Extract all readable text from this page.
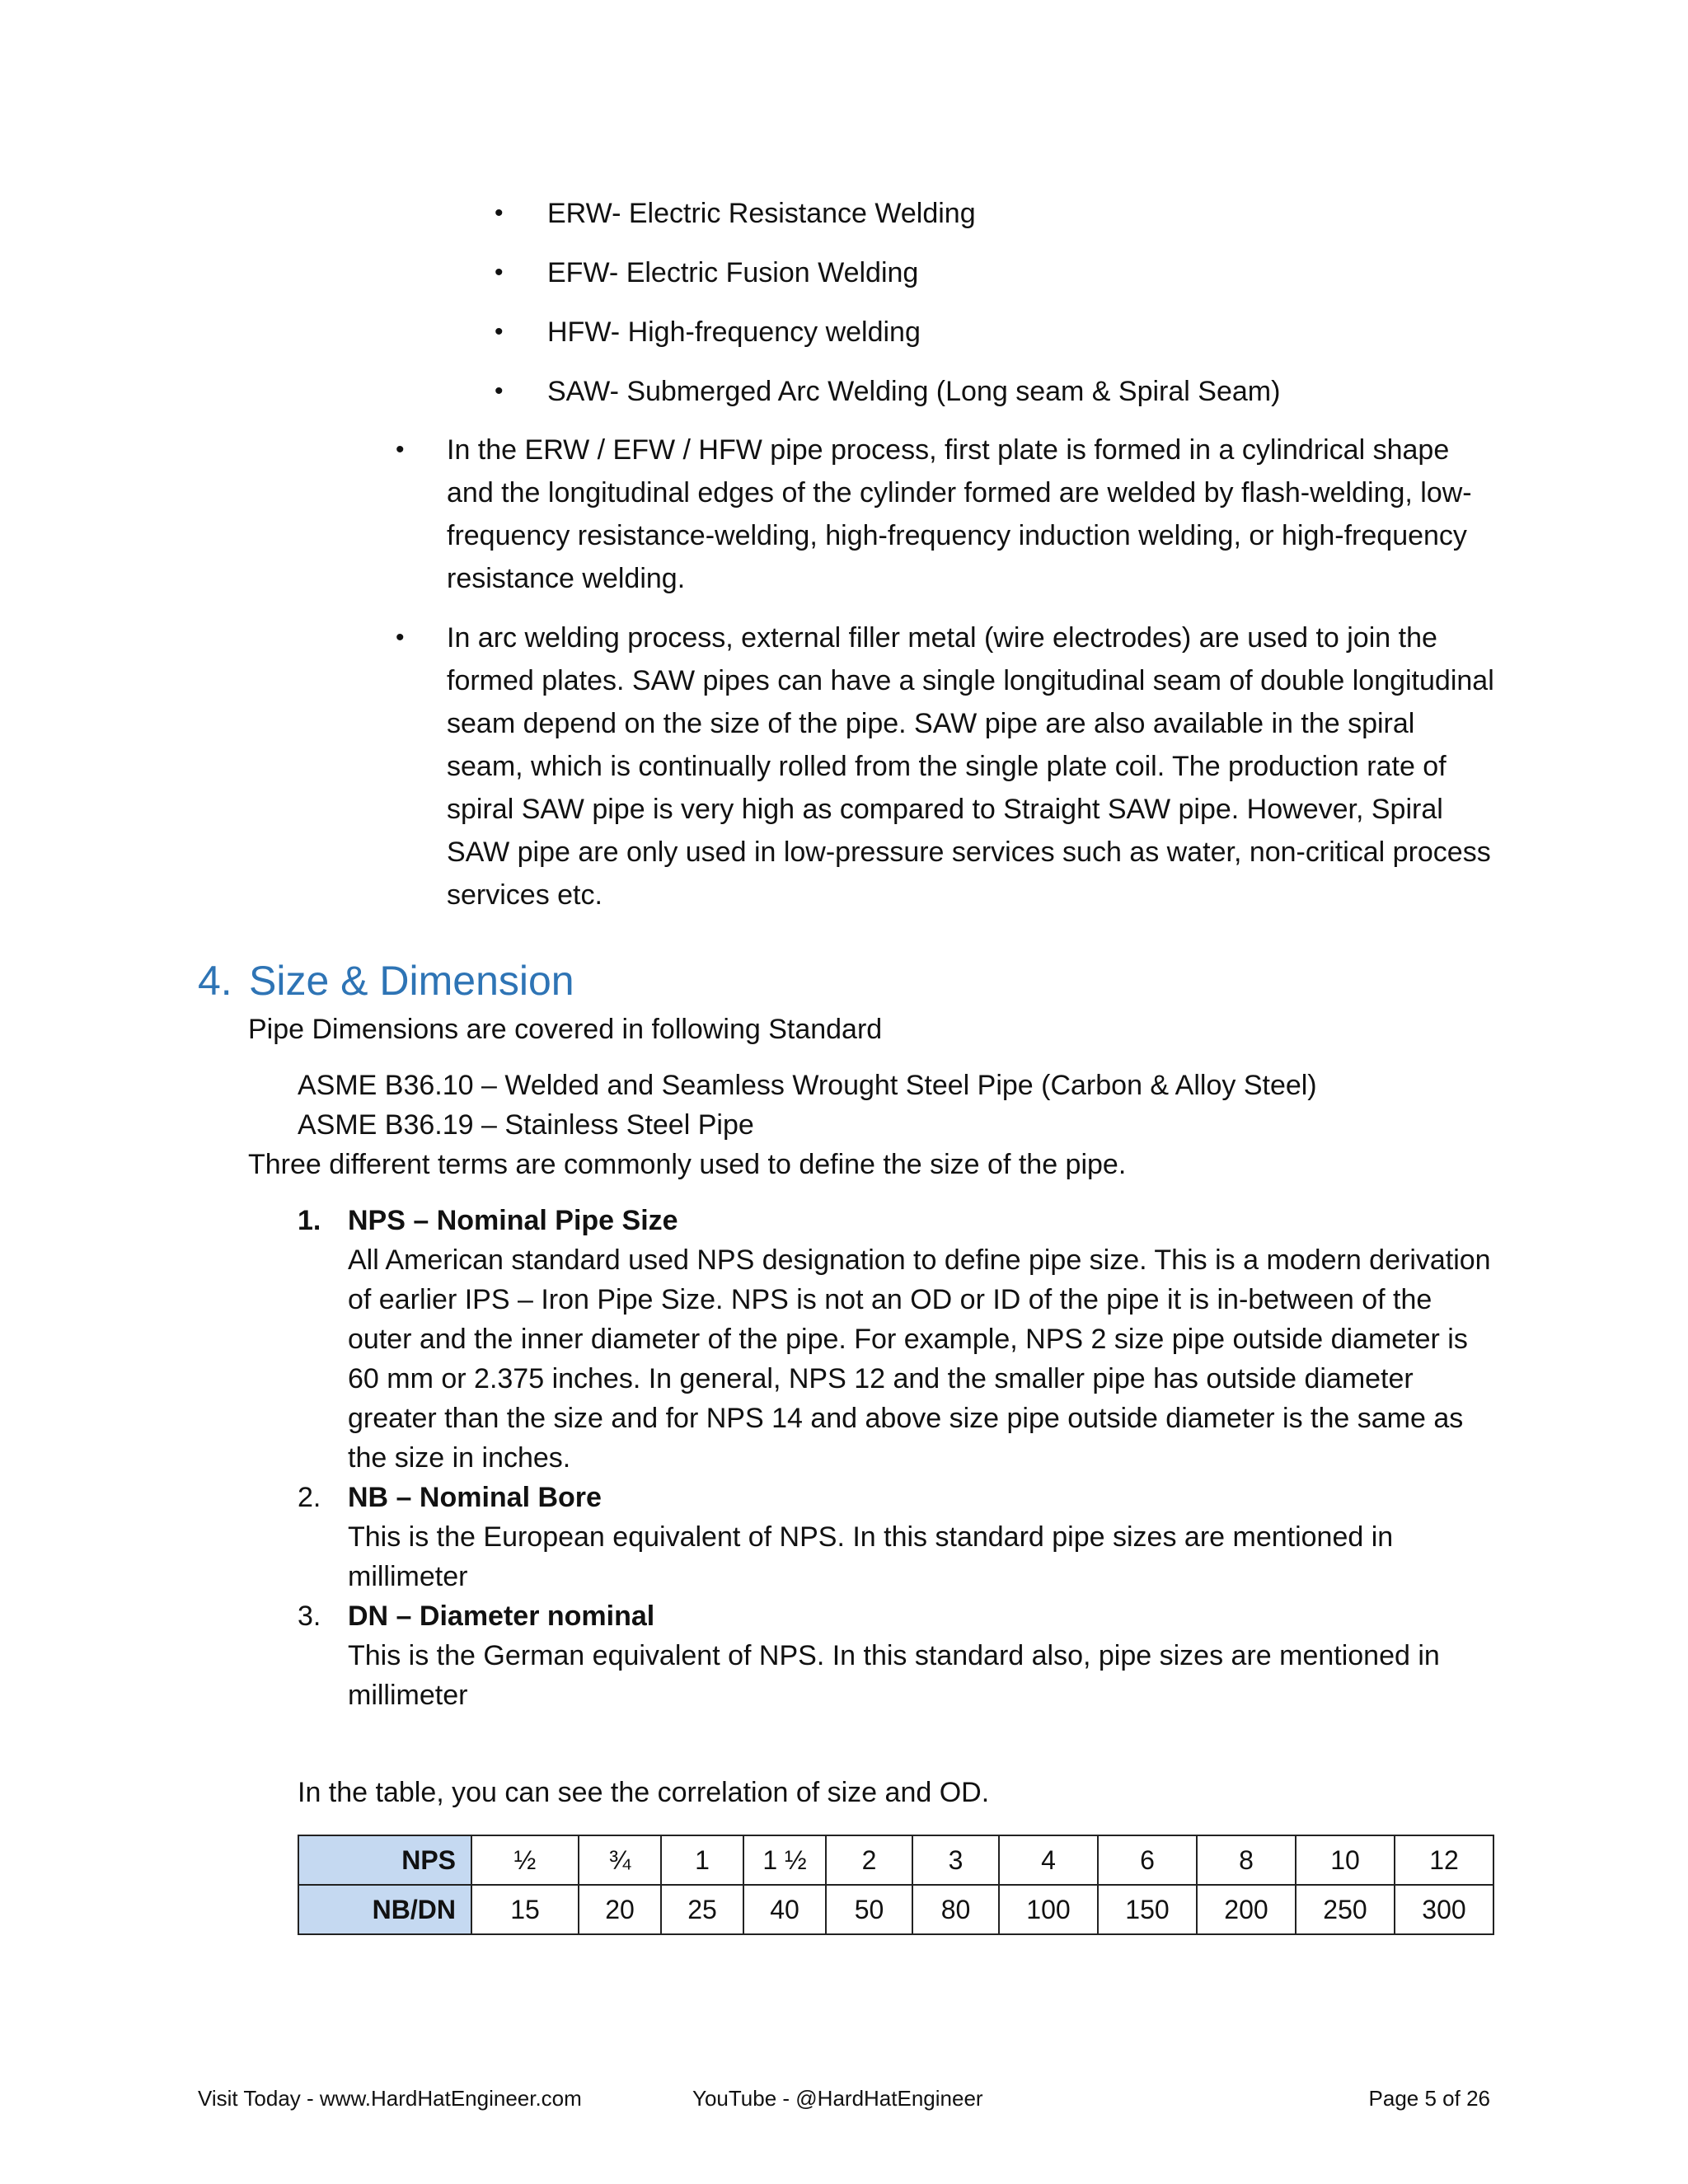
• ERW- Electric Resistance Welding
• EFW- Electric Fusion Welding
• HFW- High-frequency welding
• SAW- Submerged Arc Welding (Long seam & Spiral Seam)
• In the ERW / EFW / HFW pipe process, first plate is formed in a cylindrical shape and the longitudinal edges of the cylinder formed are welded by flash-welding, low-frequency resistance-welding, high-frequency induction welding, or high-frequency resistance welding.
• In arc welding process, external filler metal (wire electrodes) are used to join the formed plates. SAW pipes can have a single longitudinal seam of double longitudinal seam depend on the size of the pipe. SAW pipe are also available in the spiral seam, which is continually rolled from the single plate coil. The production rate of spiral SAW pipe is very high as compared to Straight SAW pipe. However, Spiral SAW pipe are only used in low-pressure services such as water, non-critical process services etc.
4. Size & Dimension

Pipe Dimensions are covered in following Standard

ASME B36.10 – Welded and Seamless Wrought Steel Pipe (Carbon & Alloy Steel)
ASME B36.19 – Stainless Steel Pipe

Three different terms are commonly used to define the size of the pipe.

1. NPS – Nominal Pipe Size
All American standard used NPS designation to define pipe size. This is a modern derivation of earlier IPS – Iron Pipe Size. NPS is not an OD or ID of the pipe it is in-between of the outer and the inner diameter of the pipe. For example, NPS 2 size pipe outside diameter is 60 mm or 2.375 inches. In general, NPS 12 and the smaller pipe has outside diameter greater than the size and for NPS 14 and above size pipe outside diameter is the same as the size in inches.
2. NB – Nominal Bore
This is the European equivalent of NPS. In this standard pipe sizes are mentioned in millimeter
3. DN – Diameter nominal
This is the German equivalent of NPS. In this standard also, pipe sizes are mentioned in millimeter

In the table, you can see the correlation of size and OD.

NPS	½	¾	1	1 ½	2	3	4	6	8	10	12
NB/DN	15	20	25	40	50	80	100	150	200	250	300
Visit Today - www.HardHatEngineer.com	YouTube - @HardHatEngineer	Page 5 of 26
